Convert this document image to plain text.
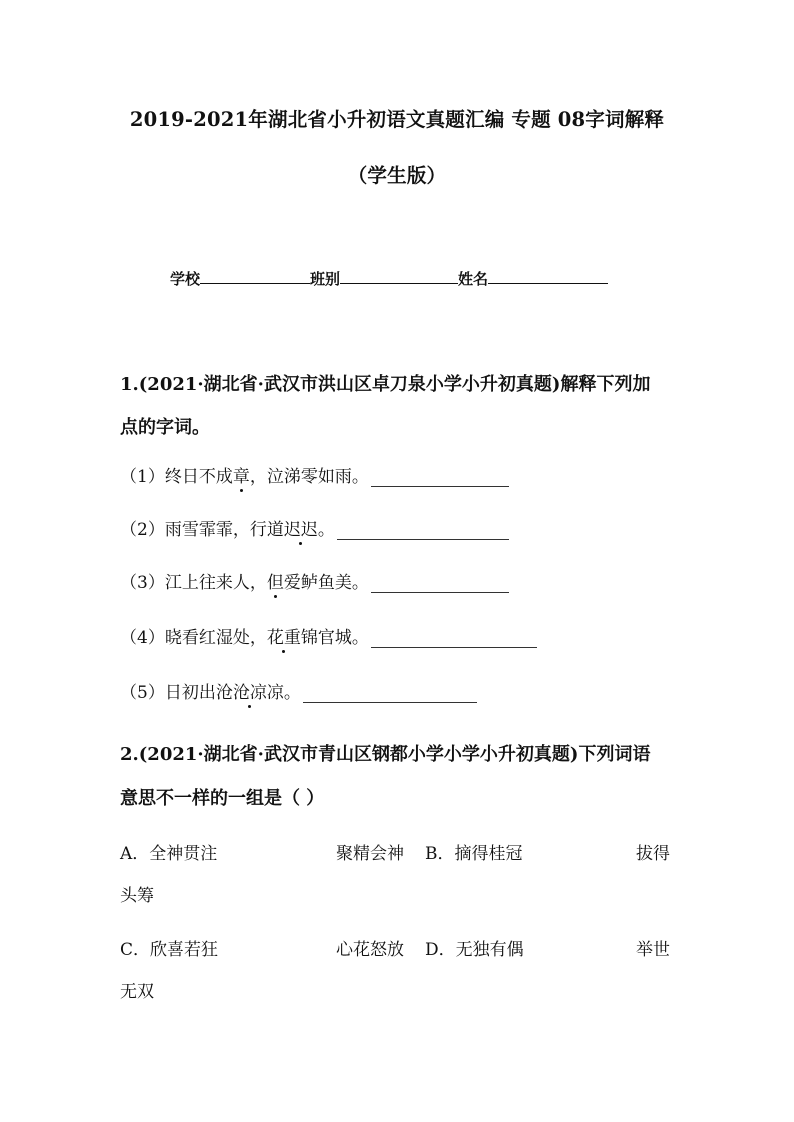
2019-2021年湖北省小升初语文真题汇编 专题 08字词解释
（学生版）
学校	班别	姓名
1.(2021·湖北省·武汉市洪山区卓刀泉小学小升初真题)解释下列加
点的字词。
（1）终日不成章，泣涕零如雨。
（2）雨雪霏霏，行道迟迟。
（3）江上往来人，但爱鲈鱼美。
（4）晓看红湿处，花重锦官城。
（5）日初出沧沧凉凉。
2.(2021·湖北省·武汉市青山区钢都小学小学小升初真题)下列词语
意思不一样的一组是（ ）
A．全神贯注	聚精会神 B．摘得桂冠	拔得
头筹
C．欣喜若狂	心花怒放 D．无独有偶	举世
无双
